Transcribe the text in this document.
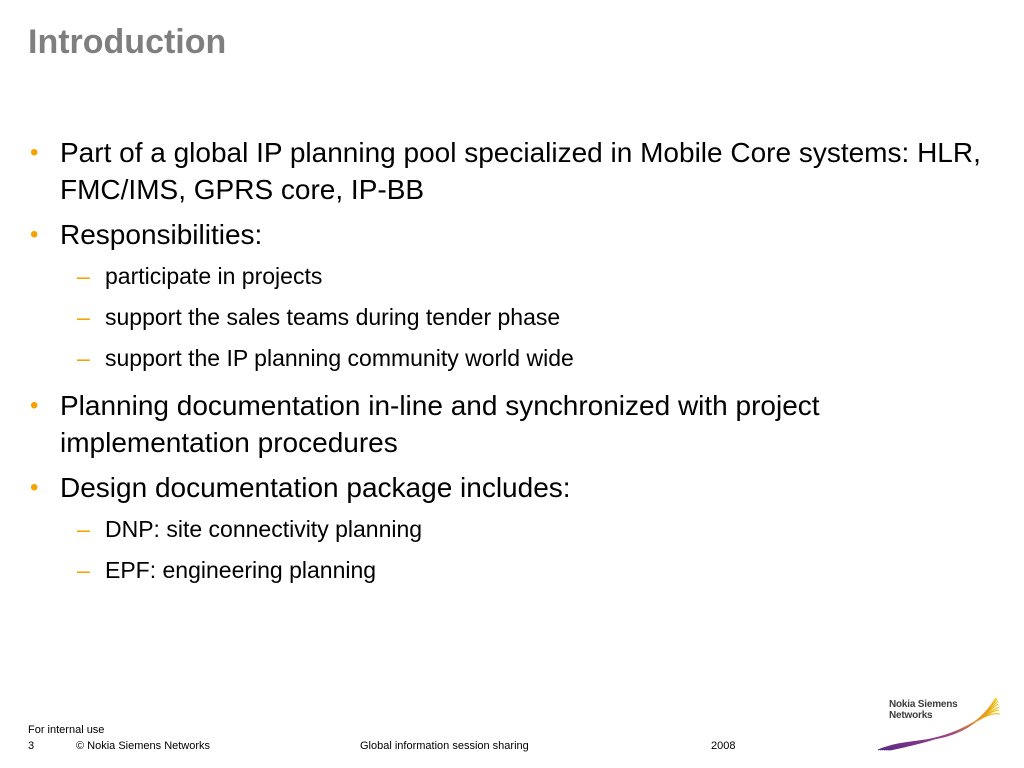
Introduction
• Part of a global IP planning pool specialized in Mobile Core systems: HLR, FMC/IMS, GPRS core, IP-BB
• Responsibilities:
– participate in projects
– support the sales teams during tender phase
– support the IP planning community world wide
• Planning documentation in-line and synchronized with project implementation procedures
• Design documentation package includes:
– DNP: site connectivity planning
– EPF: engineering planning
For internal use
3	© Nokia Siemens Networks	Global information session sharing	2008
Nokia Siemens
Networks
